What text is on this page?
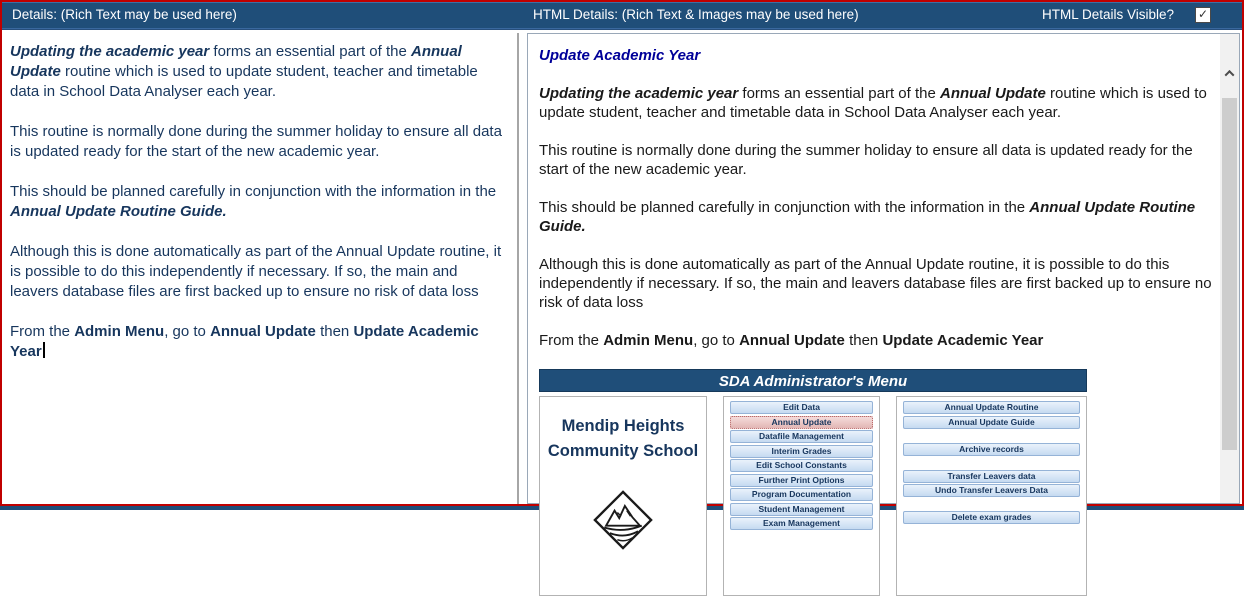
Details: (Rich Text may be used here)	HTML Details: (Rich Text & Images may be used here)	HTML Details Visible? ✓
Updating the academic year forms an essential part of the Annual Update routine which is used to update student, teacher and timetable data in School Data Analyser each year.
This routine is normally done during the summer holiday to ensure all data is updated ready for the start of the new academic year.
This should be planned carefully in conjunction with the information in the Annual Update Routine Guide.
Although this is done automatically as part of the Annual Update routine, it is possible to do this independently if necessary. If so, the main and leavers database files are first backed up to ensure no risk of data loss
From the Admin Menu, go to Annual Update then Update Academic Year
Update Academic Year
Updating the academic year forms an essential part of the Annual Update routine which is used to update student, teacher and timetable data in School Data Analyser each year.
This routine is normally done during the summer holiday to ensure all data is updated ready for the start of the new academic year.
This should be planned carefully in conjunction with the information in the Annual Update Routine Guide.
Although this is done automatically as part of the Annual Update routine, it is possible to do this independently if necessary. If so, the main and leavers database files are first backed up to ensure no risk of data loss
From the Admin Menu, go to Annual Update then Update Academic Year
SDA Administrator's Menu
Mendip Heights
Community School
Edit Data
Annual Update
Datafile Management
Interim Grades
Edit School Constants
Further Print Options
Program Documentation
Student Management
Exam Management
Annual Update Routine
Annual Update Guide
Archive records
Transfer Leavers data
Undo Transfer Leavers Data
Delete exam grades
